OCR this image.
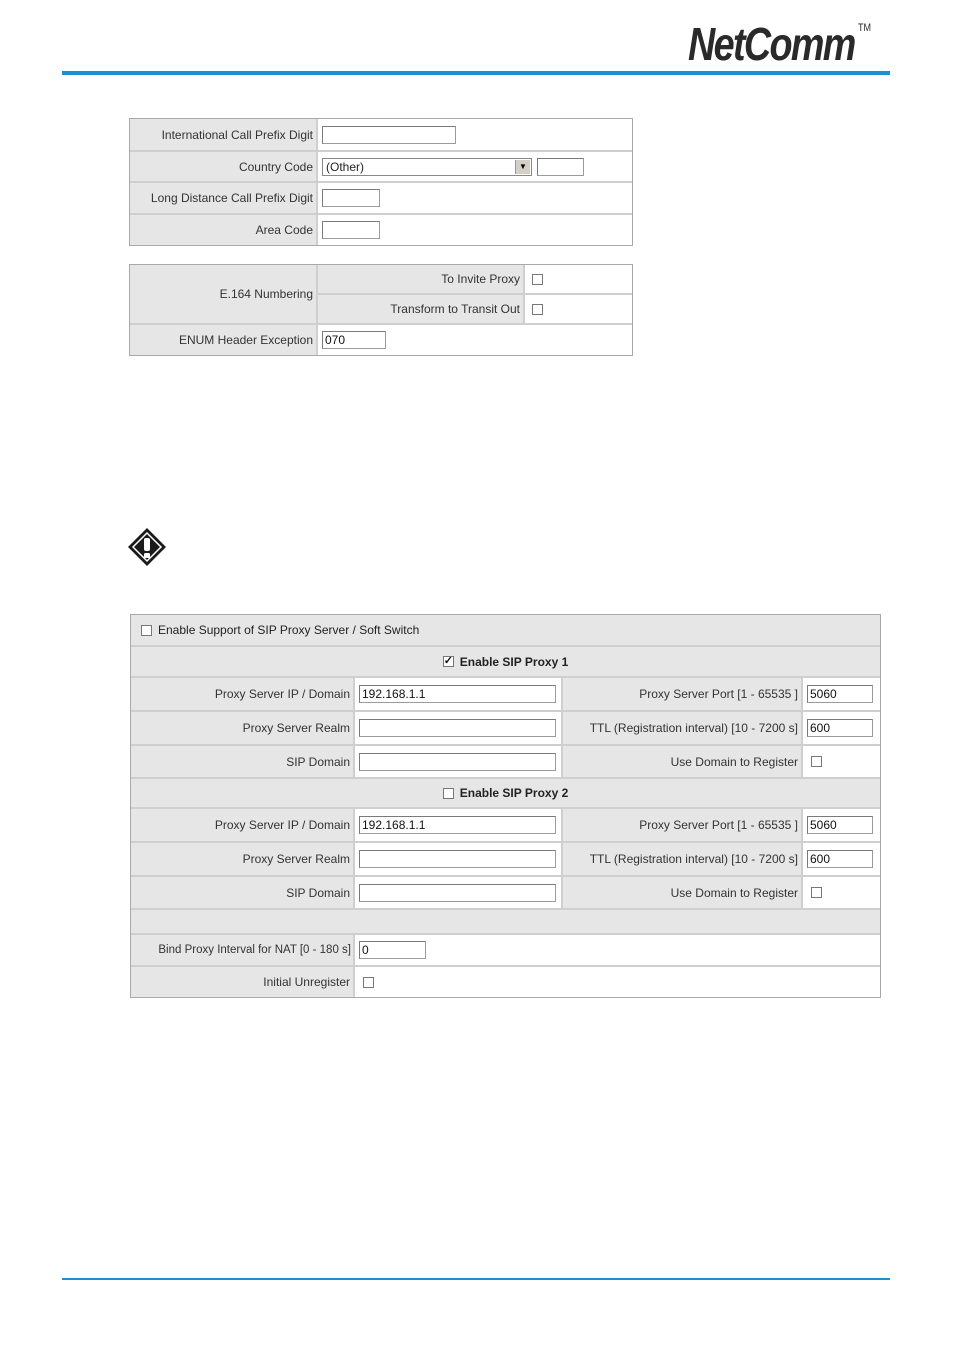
NetComm ™
International Call Prefix Digit
Country Code	(Other)	▼
Long Distance Call Prefix Digit
Area Code
E.164 Numbering
To Invite Proxy
Transform to Transit Out
ENUM Header Exception 070
Enable Support of SIP Proxy Server / Soft Switch
✓ Enable SIP Proxy 1
Proxy Server IP / Domain 192.168.1.1	Proxy Server Port [1 - 65535 ] 5060
Proxy Server Realm	TTL (Registration interval) [10 - 7200 s] 600
SIP Domain	Use Domain to Register
Enable SIP Proxy 2
Proxy Server IP / Domain 192.168.1.1	Proxy Server Port [1 - 65535 ] 5060
Proxy Server Realm	TTL (Registration interval) [10 - 7200 s] 600
SIP Domain	Use Domain to Register
Bind Proxy Interval for NAT [0 - 180 s] 0
Initial Unregister
